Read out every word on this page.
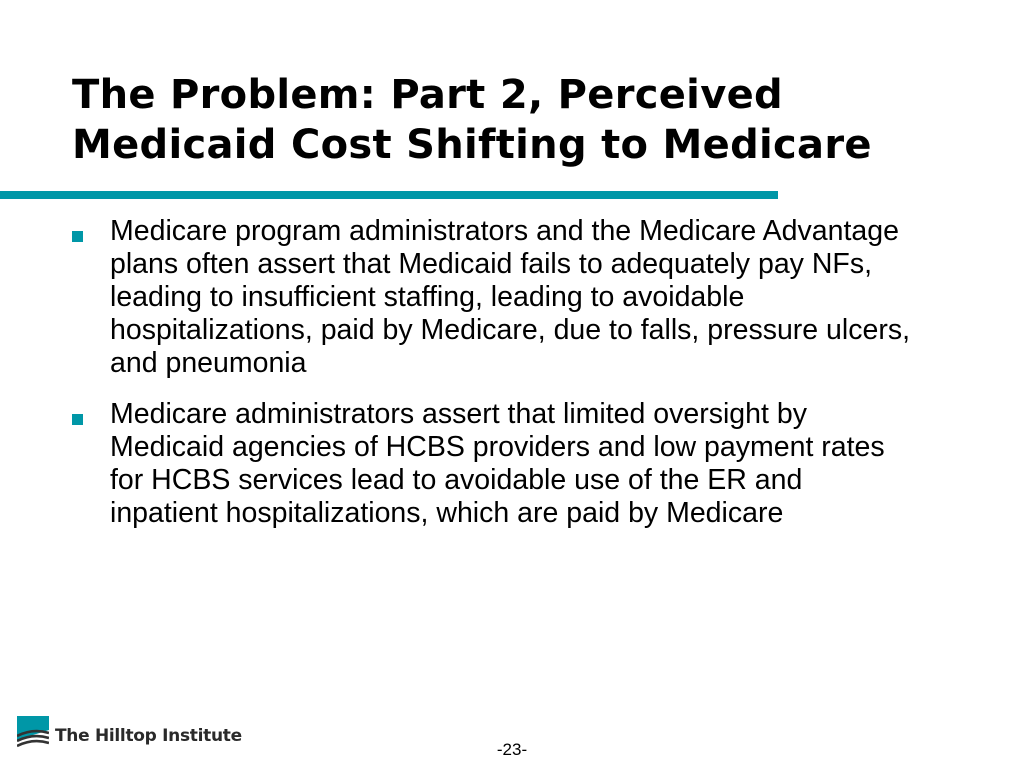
The Problem: Part 2, Perceived Medicaid Cost Shifting to Medicare
Medicare program administrators and the Medicare Advantage plans often assert that Medicaid fails to adequately pay NFs, leading to insufficient staffing, leading to avoidable hospitalizations, paid by Medicare, due to falls, pressure ulcers, and pneumonia
Medicare administrators assert that limited oversight by Medicaid agencies of HCBS providers and low payment rates for HCBS services lead to avoidable use of the ER and inpatient hospitalizations, which are paid by Medicare
The Hilltop Institute
-23-
